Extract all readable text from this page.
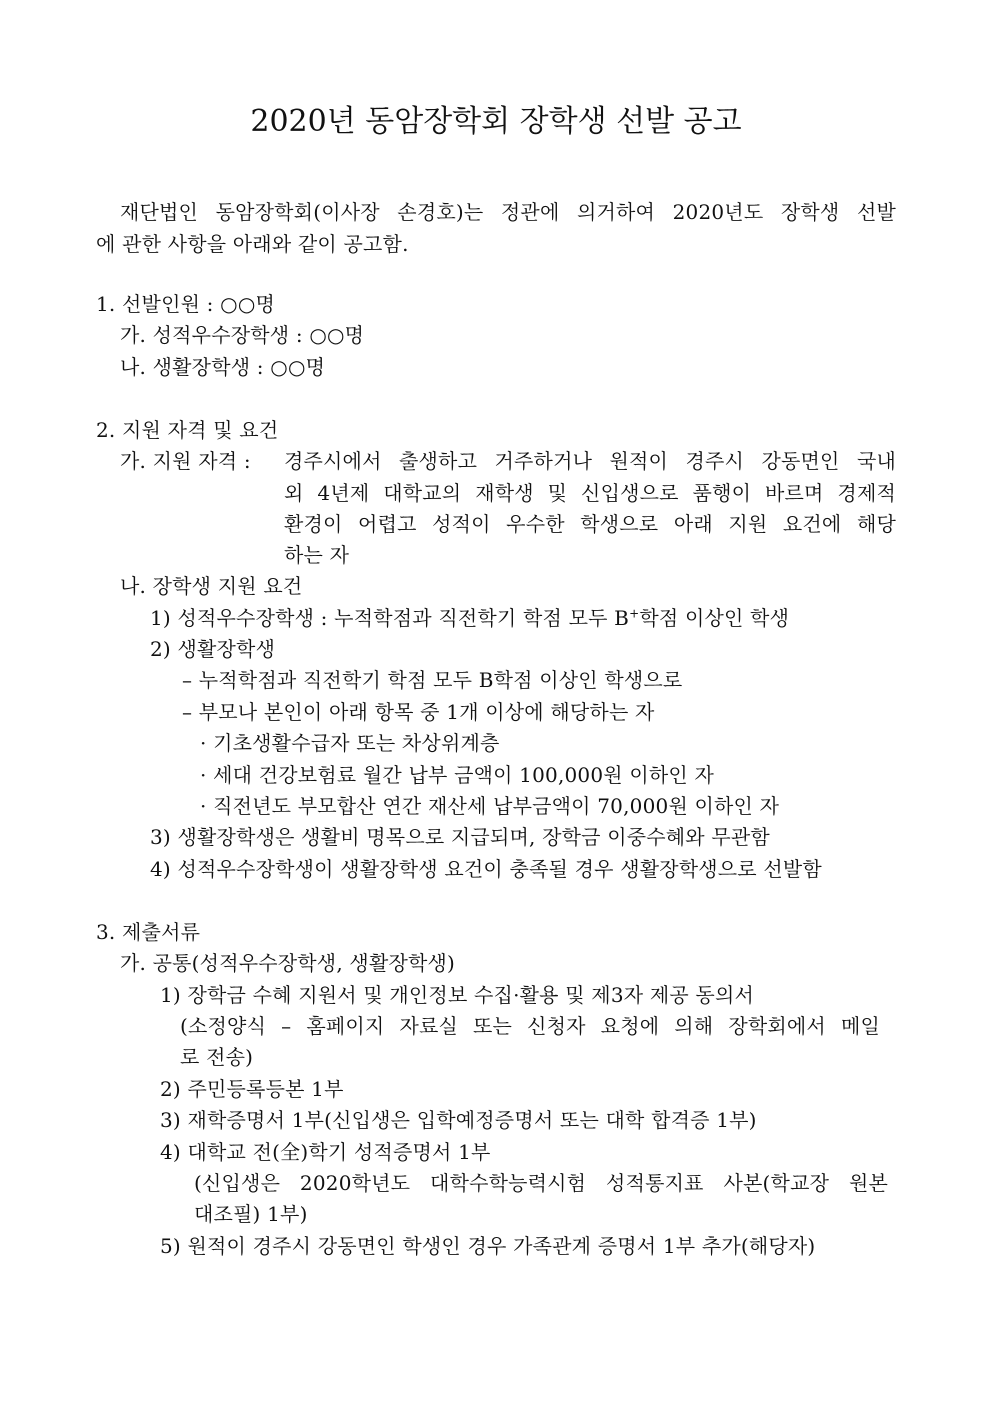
2020년 동암장학회 장학생 선발 공고
재단법인 동암장학회(이사장 손경호)는 정관에 의거하여 2020년도 장학생 선발
에 관한 사항을 아래와 같이 공고함.
1. 선발인원 : ○○명
가. 성적우수장학생 : ○○명
나. 생활장학생 : ○○명
2. 지원 자격 및 요건
가. 지원 자격 : 경주시에서 출생하고 거주하거나 원적이 경주시 강동면인 국내
외 4년제 대학교의 재학생 및 신입생으로 품행이 바르며 경제적
환경이 어렵고 성적이 우수한 학생으로 아래 지원 요건에 해당
하는 자
나. 장학생 지원 요건
1) 성적우수장학생 : 누적학점과 직전학기 학점 모두 B+학점 이상인 학생
2) 생활장학생
– 누적학점과 직전학기 학점 모두 B학점 이상인 학생으로
– 부모나 본인이 아래 항목 중 1개 이상에 해당하는 자
· 기초생활수급자 또는 차상위계층
· 세대 건강보험료 월간 납부 금액이 100,000원 이하인 자
· 직전년도 부모합산 연간 재산세 납부금액이 70,000원 이하인 자
3) 생활장학생은 생활비 명목으로 지급되며, 장학금 이중수혜와 무관함
4) 성적우수장학생이 생활장학생 요건이 충족될 경우 생활장학생으로 선발함
3. 제출서류
가. 공통(성적우수장학생, 생활장학생)
1) 장학금 수혜 지원서 및 개인정보 수집·활용 및 제3자 제공 동의서
(소정양식 – 홈페이지 자료실 또는 신청자 요청에 의해 장학회에서 메일
로 전송)
2) 주민등록등본 1부
3) 재학증명서 1부(신입생은 입학예정증명서 또는 대학 합격증 1부)
4) 대학교 전(全)학기 성적증명서 1부
(신입생은 2020학년도 대학수학능력시험 성적통지표 사본(학교장 원본
대조필) 1부)
5) 원적이 경주시 강동면인 학생인 경우 가족관계 증명서 1부 추가(해당자)
